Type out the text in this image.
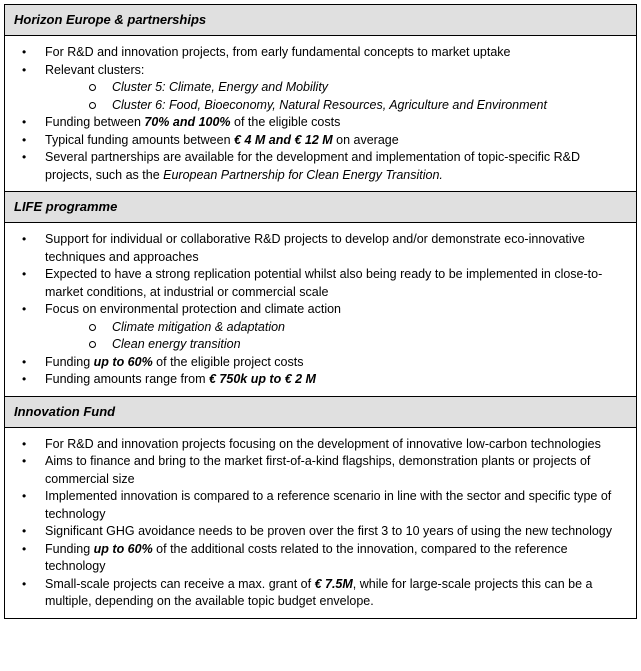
Horizon Europe & partnerships
• For R&D and innovation projects, from early fundamental concepts to market uptake
• Relevant clusters:
Cluster 5: Climate, Energy and Mobility
Cluster 6: Food, Bioeconomy, Natural Resources, Agriculture and Environment
• Funding between 70% and 100% of the eligible costs
• Typical funding amounts between € 4 M and € 12 M on average
• Several partnerships are available for the development and implementation of topic-specific R&D projects, such as the European Partnership for Clean Energy Transition.
LIFE programme
• Support for individual or collaborative R&D projects to develop and/or demonstrate eco-innovative techniques and approaches
• Expected to have a strong replication potential whilst also being ready to be implemented in close-to-market conditions, at industrial or commercial scale
• Focus on environmental protection and climate action
Climate mitigation & adaptation
Clean energy transition
• Funding up to 60% of the eligible project costs
• Funding amounts range from € 750k up to € 2 M
Innovation Fund
• For R&D and innovation projects focusing on the development of innovative low-carbon technologies
• Aims to finance and bring to the market first-of-a-kind flagships, demonstration plants or projects of commercial size
• Implemented innovation is compared to a reference scenario in line with the sector and specific type of technology
• Significant GHG avoidance needs to be proven over the first 3 to 10 years of using the new technology
• Funding up to 60% of the additional costs related to the innovation, compared to the reference technology
• Small-scale projects can receive a max. grant of € 7.5M, while for large-scale projects this can be a multiple, depending on the available topic budget envelope.
